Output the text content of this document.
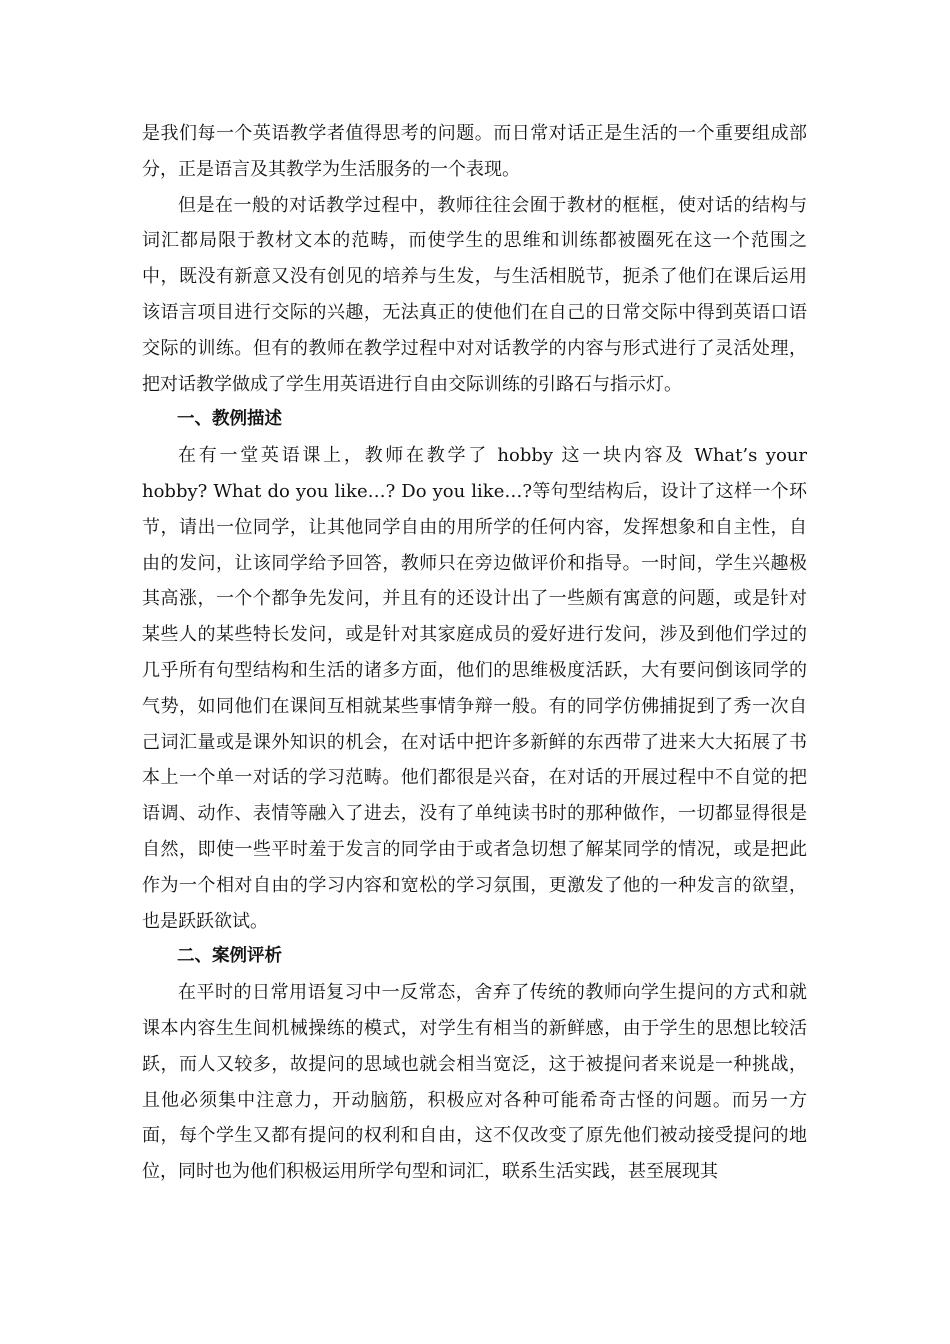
是我们每一个英语教学者值得思考的问题。而日常对话正是生活的一个重要组成部分，正是语言及其教学为生活服务的一个表现。

但是在一般的对话教学过程中，教师往往会囿于教材的框框，使对话的结构与词汇都局限于教材文本的范畴，而使学生的思维和训练都被圈死在这一个范围之中，既没有新意又没有创见的培养与生发，与生活相脱节，扼杀了他们在课后运用该语言项目进行交际的兴趣，无法真正的使他们在自己的日常交际中得到英语口语交际的训练。但有的教师在教学过程中对对话教学的内容与形式进行了灵活处理，把对话教学做成了学生用英语进行自由交际训练的引路石与指示灯。

一、教例描述

在有一堂英语课上，教师在教学了 hobby 这一块内容及 What’s your hobby? What do you like…? Do you like…?等句型结构后，设计了这样一个环节，请出一位同学，让其他同学自由的用所学的任何内容，发挥想象和自主性，自由的发问，让该同学给予回答，教师只在旁边做评价和指导。一时间，学生兴趣极其高涨，一个个都争先发问，并且有的还设计出了一些颇有寓意的问题，或是针对某些人的某些特长发问，或是针对其家庭成员的爱好进行发问，涉及到他们学过的几乎所有句型结构和生活的诸多方面，他们的思维极度活跃，大有要问倒该同学的气势，如同他们在课间互相就某些事情争辩一般。有的同学仿佛捕捉到了秀一次自己词汇量或是课外知识的机会，在对话中把许多新鲜的东西带了进来大大拓展了书本上一个单一对话的学习范畴。他们都很是兴奋，在对话的开展过程中不自觉的把语调、动作、表情等融入了进去，没有了单纯读书时的那种做作，一切都显得很是自然，即使一些平时羞于发言的同学由于或者急切想了解某同学的情况，或是把此作为一个相对自由的学习内容和宽松的学习氛围，更激发了他的一种发言的欲望，也是跃跃欲试。

二、案例评析

在平时的日常用语复习中一反常态，舍弃了传统的教师向学生提问的方式和就课本内容生生间机械操练的模式，对学生有相当的新鲜感，由于学生的思想比较活跃，而人又较多，故提问的思域也就会相当宽泛，这于被提问者来说是一种挑战，且他必须集中注意力，开动脑筋，积极应对各种可能希奇古怪的问题。而另一方面，每个学生又都有提问的权利和自由，这不仅改变了原先他们被动接受提问的地位，同时也为他们积极运用所学句型和词汇，联系生活实践，甚至展现其
